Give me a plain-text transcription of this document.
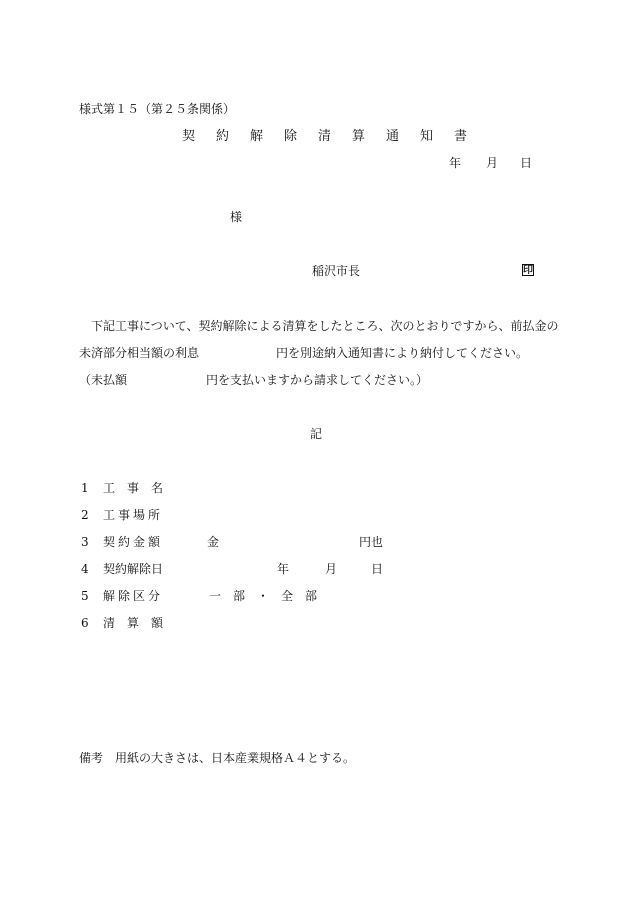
様式第１５（第２５条関係）
契約解除清算通知書
年 月 日
様
稲沢市長	印
下記工事について、契約解除による清算をしたところ、次のとおりですから、前払金の
未済部分相当額の利息	円を別途納入通知書により納付してください。
（未払額	円を支払いますから請求してください。）
記
1 工　事　名
2 工事場所
3 契約金額	金	円也
4 契約解除日	年	月	日
5 解除区分	一　部　・　全　部
6 清　算　額
備考　用紙の大きさは、日本産業規格Ａ４とする。
